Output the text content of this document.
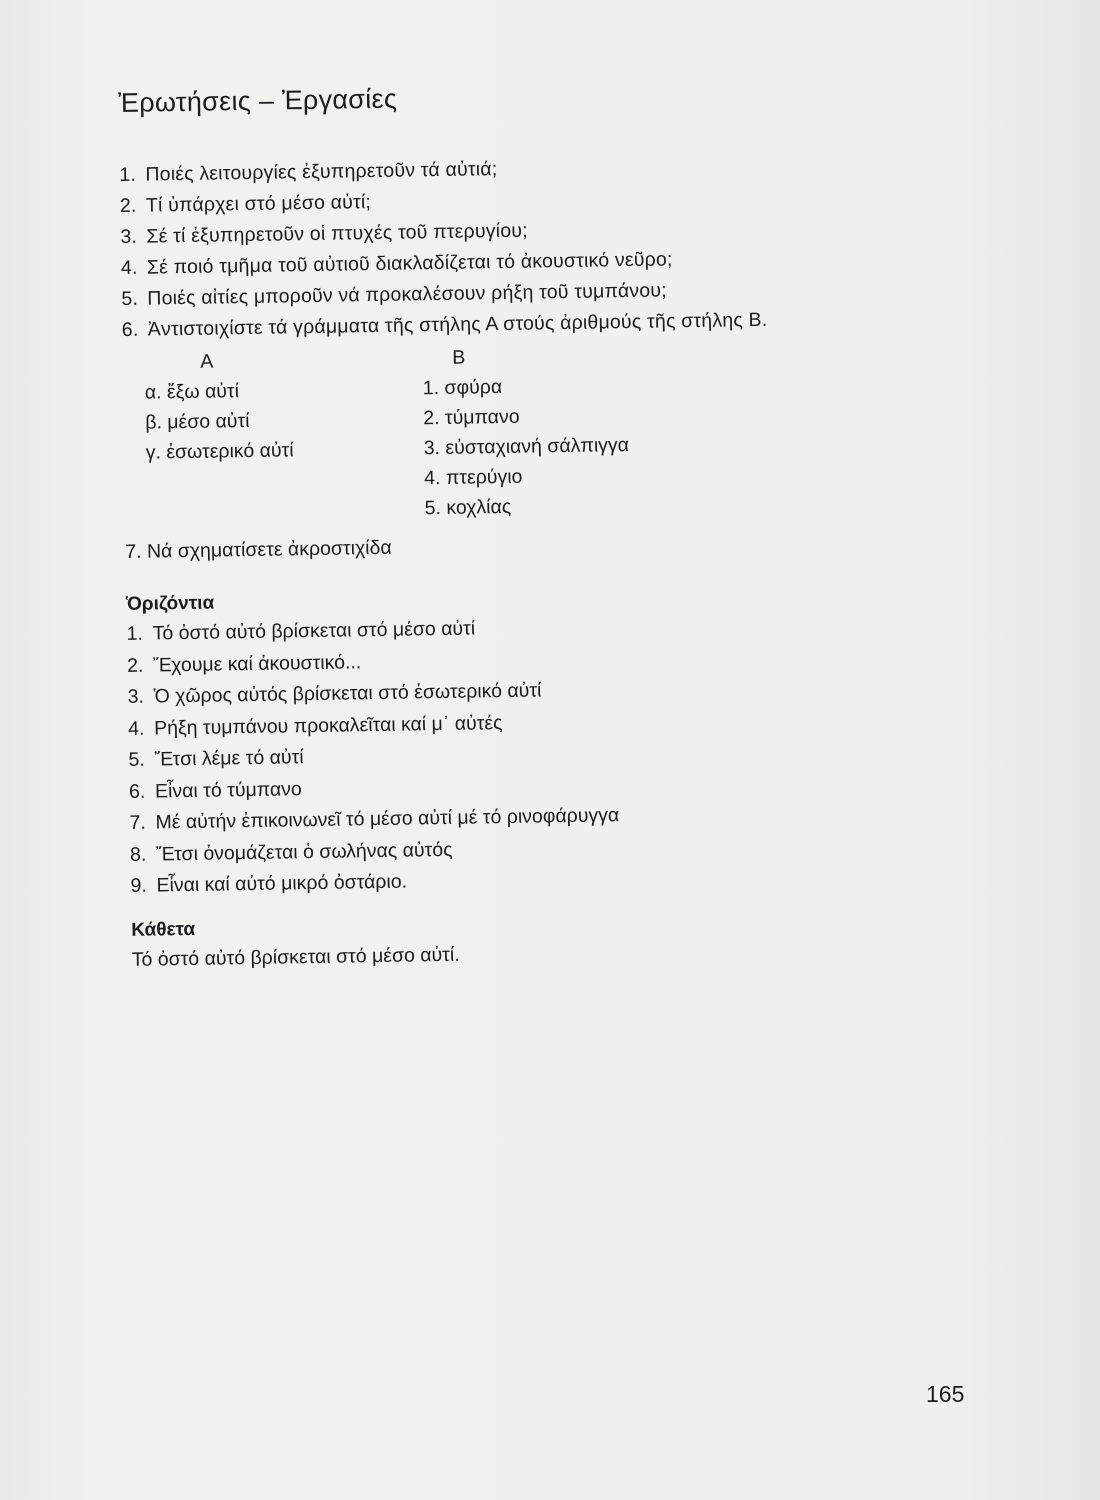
Ἐρωτήσεις – Ἐργασίες
1. Ποιές λειτουργίες ἐξυπηρετοῦν τά αὐτιά;
2. Τί ὑπάρχει στό μέσο αὐτί;
3. Σέ τί ἐξυπηρετοῦν οἱ πτυχές τοῦ πτερυγίου;
4. Σέ ποιό τμῆμα τοῦ αὐτιοῦ διακλαδίζεται τό ἀκουστικό νεῦρο;
5. Ποιές αἰτίες μποροῦν νά προκαλέσουν ρήξη τοῦ τυμπάνου;
6. Ἀντιστοιχίστε τά γράμματα τῆς στήλης Α στούς ἀριθμούς τῆς στήλης Β.
Α
α. ἔξω αὐτί
β. μέσο αὐτί
γ. ἐσωτερικό αὐτί
Β
1. σφύρα
2. τύμπανο
3. εὐσταχιανή σάλπιγγα
4. πτερύγιο
5. κοχλίας
7. Νά σχηματίσετε ἀκροστιχίδα
Ὁριζόντια
1. Τό ὀστό αὐτό βρίσκεται στό μέσο αὐτί
2. Ἔχουμε καί ἀκουστικό...
3. Ὁ χῶρος αὐτός βρίσκεται στό ἐσωτερικό αὐτί
4. Ρήξη τυμπάνου προκαλεῖται καί μ᾽ αὐτές
5. Ἔτσι λέμε τό αὐτί
6. Εἶναι τό τύμπανο
7. Μέ αὐτήν ἐπικοινωνεῖ τό μέσο αὐτί μέ τό ρινοφάρυγγα
8. Ἔτσι ὀνομάζεται ὁ σωλήνας αὐτός
9. Εἶναι καί αὐτό μικρό ὀστάριο.
Κάθετα
Τό ὀστό αὐτό βρίσκεται στό μέσο αὐτί.
165
